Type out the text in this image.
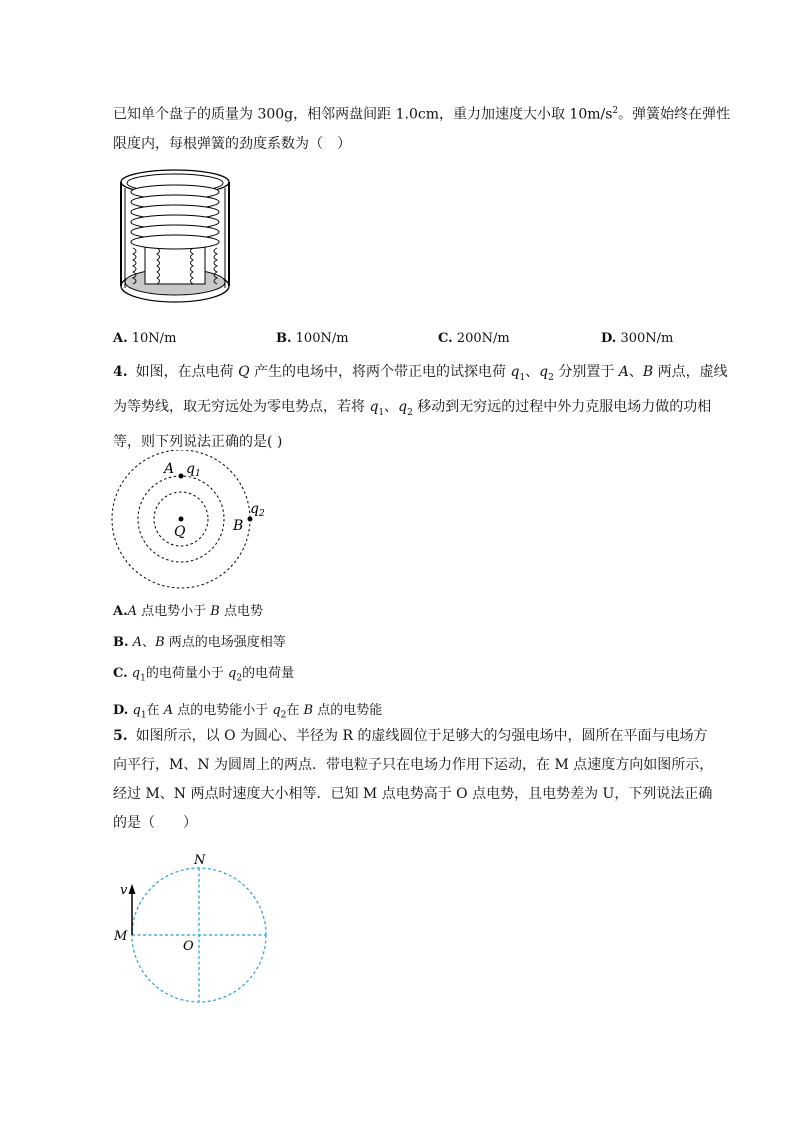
已知单个盘子的质量为 300g，相邻两盘间距 1.0cm，重力加速度大小取 $10m/s^2$。弹簧始终在弹性
限度内，每根弹簧的劲度系数为（　）
A. 10N/m	B. 100N/m	C. 200N/m	D. 300N/m
4. 如图，在点电荷 Q 产生的电场中，将两个带正电的试探电荷 $q_1$、$q_2$ 分别置于 A、B 两点，虚线
为等势线，取无穷远处为零电势点，若将 $q_1$、$q_2$ 移动到无穷远的过程中外力克服电场力做的功相
等，则下列说法正确的是( )
A $q_1$
$q_2$
B
Q
A.A 点电势小于 B 点电势
B. A、B 两点的电场强度相等
C. $q_1$的电荷量小于 $q_2$的电荷量
D. $q_1$在 A 点的电势能小于 $q_2$在 B 点的电势能
5. 如图所示，以 O 为圆心、半径为 R 的虚线圆位于足够大的匀强电场中，圆所在平面与电场方
向平行，M、N 为圆周上的两点．带电粒子只在电场力作用下运动，在 M 点速度方向如图所示，
经过 M、N 两点时速度大小相等．已知 M 点电势高于 O 点电势，且电势差为 U，下列说法正确
的是（　　）
v
N
M
O
